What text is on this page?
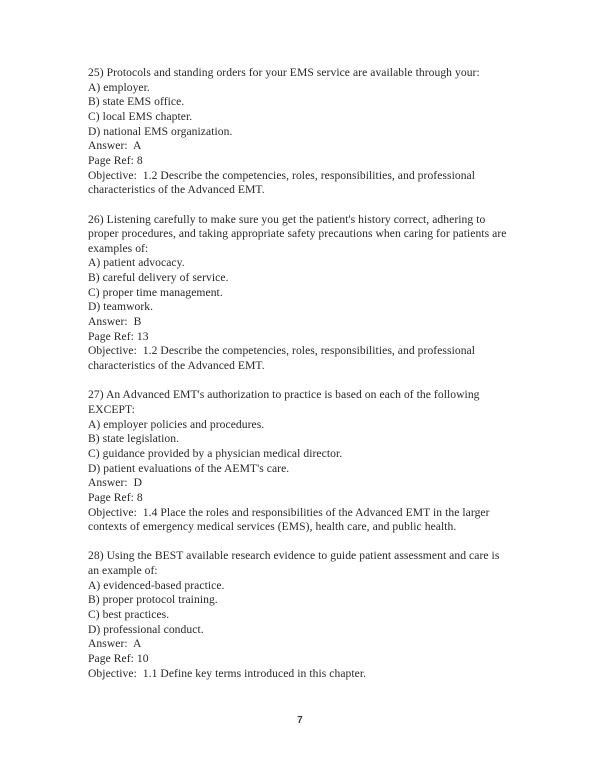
25) Protocols and standing orders for your EMS service are available through your:
A) employer.
B) state EMS office.
C) local EMS chapter.
D) national EMS organization.
Answer:  A
Page Ref: 8
Objective:  1.2 Describe the competencies, roles, responsibilities, and professional
characteristics of the Advanced EMT.
26) Listening carefully to make sure you get the patient's history correct, adhering to
proper procedures, and taking appropriate safety precautions when caring for patients are
examples of:
A) patient advocacy.
B) careful delivery of service.
C) proper time management.
D) teamwork.
Answer:  B
Page Ref: 13
Objective:  1.2 Describe the competencies, roles, responsibilities, and professional
characteristics of the Advanced EMT.
27) An Advanced EMT's authorization to practice is based on each of the following
EXCEPT:
A) employer policies and procedures.
B) state legislation.
C) guidance provided by a physician medical director.
D) patient evaluations of the AEMT's care.
Answer:  D
Page Ref: 8
Objective:  1.4 Place the roles and responsibilities of the Advanced EMT in the larger
contexts of emergency medical services (EMS), health care, and public health.
28) Using the BEST available research evidence to guide patient assessment and care is
an example of:
A) evidenced-based practice.
B) proper protocol training.
C) best practices.
D) professional conduct.
Answer:  A
Page Ref: 10
Objective:  1.1 Define key terms introduced in this chapter.
7
